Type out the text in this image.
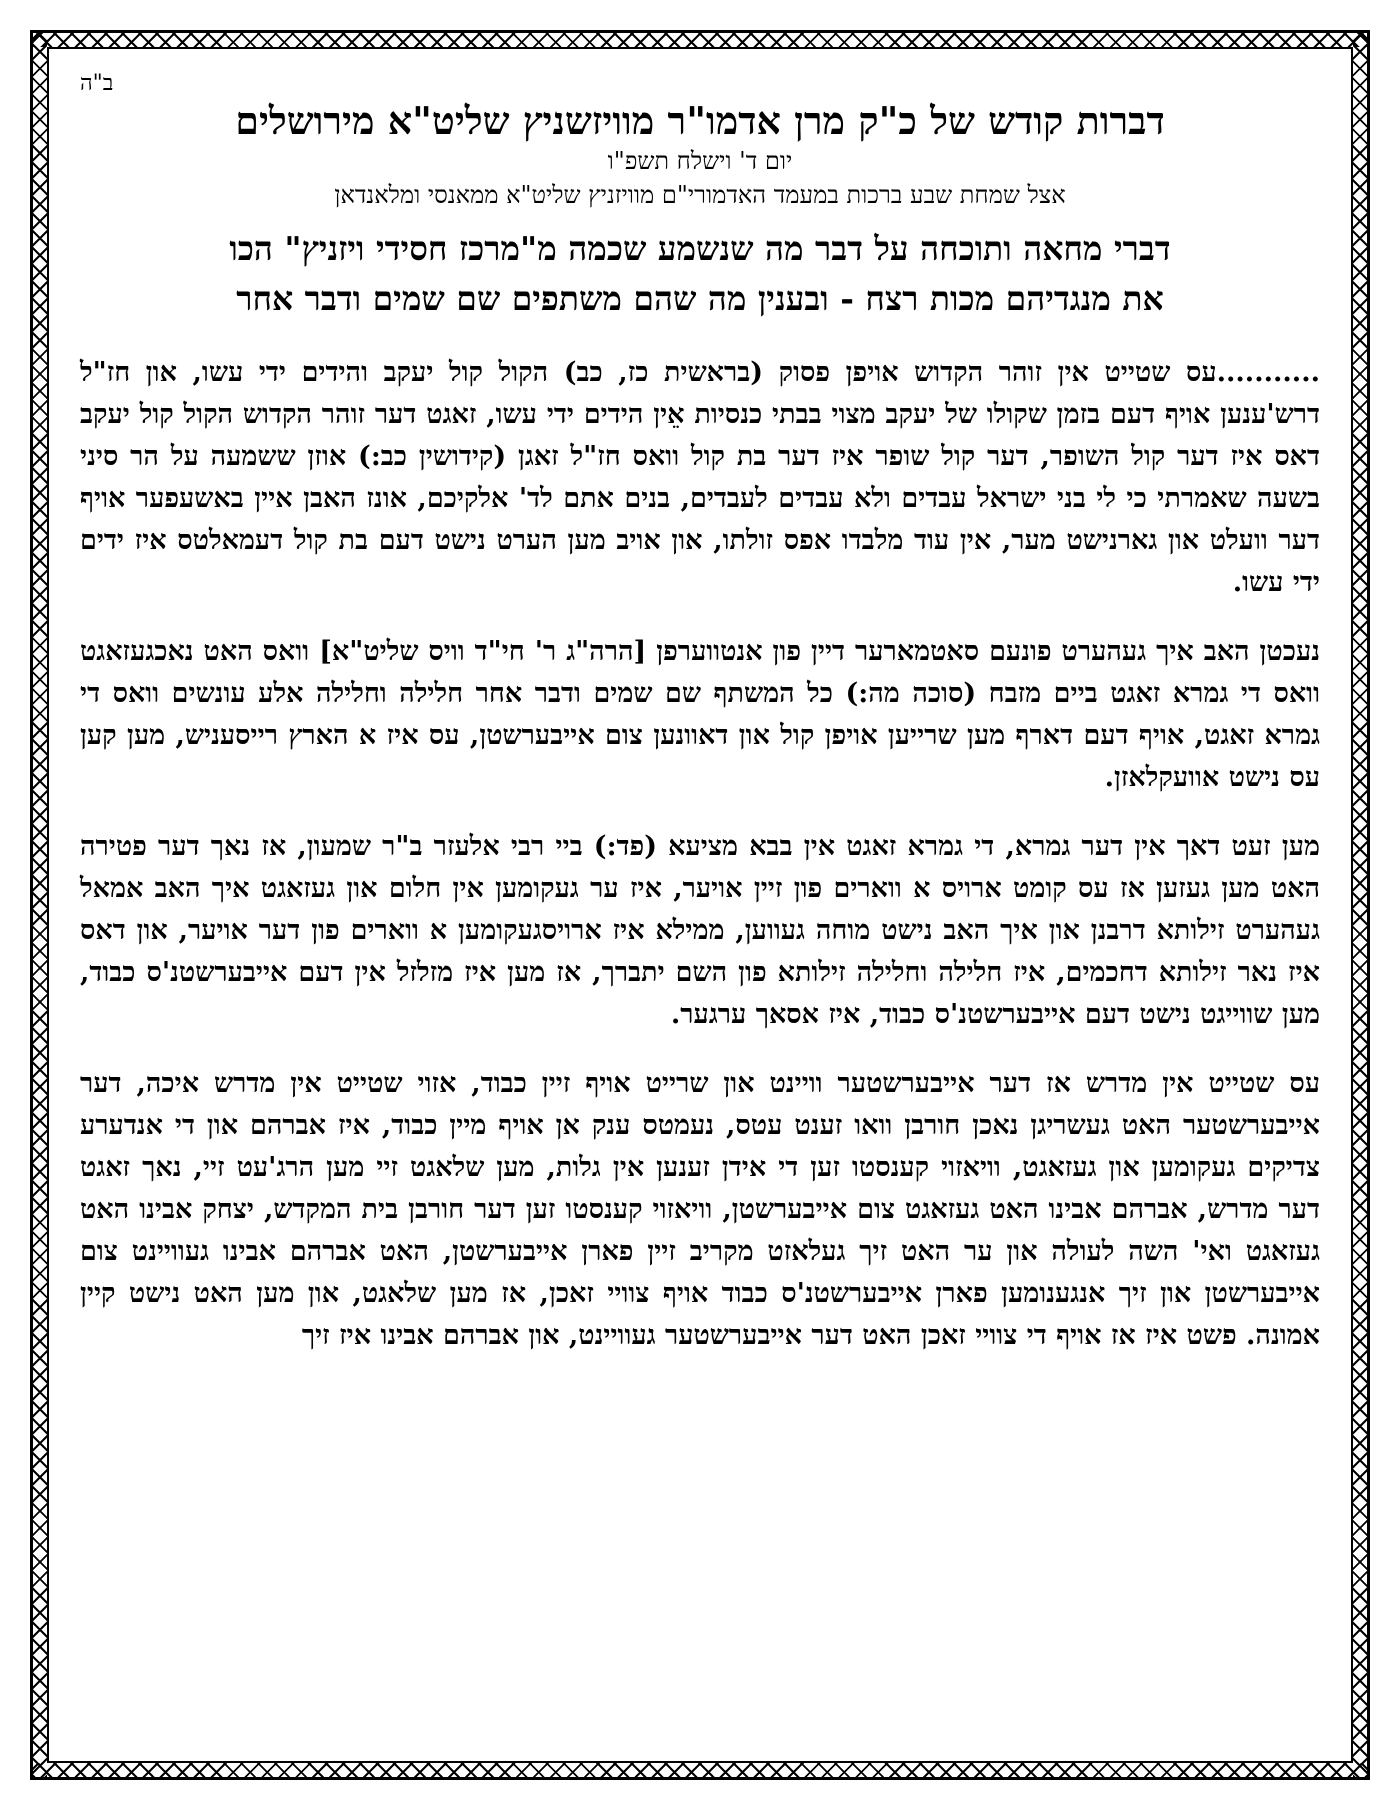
ב"ה
דברות קודש של כ"ק מרן אדמו"ר מוויזשניץ שליט"א מירושלים
יום ד' וישלח תשפ"ו
אצל שמחת שבע ברכות במעמד האדמורי"ם מוויזניץ שליט"א ממאנסי ומלאנדאן
דברי מחאה ותוכחה על דבר מה שנשמע שכמה מ"מרכז חסידי ויזניץ" הכו
את מנגדיהם מכות רצח - ובענין מה שהם משתפים שם שמים ודבר אחר

...........עס שטייט אין זוהר הקדוש אויפן פסוק (בראשית כז, כב) הקול קול יעקב והידים ידי עשו, און חז"ל דרש'ענען אויף דעם בזמן שקולו של יעקב מצוי בבתי כנסיות אֵין הידים ידי עשו, זאגט דער זוהר הקדוש הקול קול יעקב דאס איז דער קול השופר, דער קול שופר איז דער בת קול וואס חז"ל זאגן (קידושין כב:) אוזן ששמעה על הר סיני בשעה שאמרתי כי לי בני ישראל עבדים ולא עבדים לעבדים, בנים אתם לד' אלקיכם, אונז האבן איין באשעפער אויף דער וועלט און גארנישט מער, אין עוד מלבדו אפס זולתו, און אויב מען הערט נישט דעם בת קול דעמאלטס איז ידים ידי עשו.

נעכטן האב איך געהערט פונעם סאטמארער דיין פון אנטווערפן [הרה"ג ר' חי"ד וויס שליט"א] וואס האט נאכגעזאגט וואס די גמרא זאגט ביים מזבח (סוכה מה:) כל המשתף שם שמים ודבר אחר חלילה וחלילה אלע עונשים וואס די גמרא זאגט, אויף דעם דארף מען שרייען אויפן קול און דאוונען צום אייבערשטן, עס איז א הארץ רייסעניש, מען קען עס נישט אוועקלאזן.

מען זעט דאך אין דער גמרא, די גמרא זאגט אין בבא מציעא (פד:) ביי רבי אלעזר ב"ר שמעון, אז נאך דער פטירה האט מען געזען אז עס קומט ארויס א ווארים פון זיין אויער, איז ער געקומען אין חלום און געזאגט איך האב אמאל געהערט זילותא דרבנן און איך האב נישט מוחה געווען, ממילא איז ארויסגעקומען א ווארים פון דער אויער, און דאס איז נאר זילותא דחכמים, איז חלילה וחלילה זילותא פון השם יתברך, אז מען איז מזלזל אין דעם אייבערשטנ'ס כבוד, מען שווייגט נישט דעם אייבערשטנ'ס כבוד, איז אסאך ערגער.

עס שטייט אין מדרש אז דער אייבערשטער וויינט און שרייט אויף זיין כבוד, אזוי שטייט אין מדרש איכה, דער אייבערשטער האט געשריגן נאכן חורבן וואו זענט עטס, נעמטס ענק אן אויף מיין כבוד, איז אברהם און די אנדערע צדיקים געקומען און געזאגט, וויאזוי קענסטו זען די אידן זענען אין גלות, מען שלאגט זיי מען הרג'עט זיי, נאך זאגט דער מדרש, אברהם אבינו האט געזאגט צום אייבערשטן, וויאזוי קענסטו זען דער חורבן בית המקדש, יצחק אבינו האט געזאגט ואי' השה לעולה און ער האט זיך געלאזט מקריב זיין פארן אייבערשטן, האט אברהם אבינו געוויינט צום אייבערשטן און זיך אנגענומען פארן אייבערשטנ'ס כבוד אויף צוויי זאכן, אז מען שלאגט, און מען האט נישט קיין אמונה. פשט איז אז אויף די צוויי זאכן האט דער אייבערשטער געוויינט, און אברהם אבינו איז זיך
